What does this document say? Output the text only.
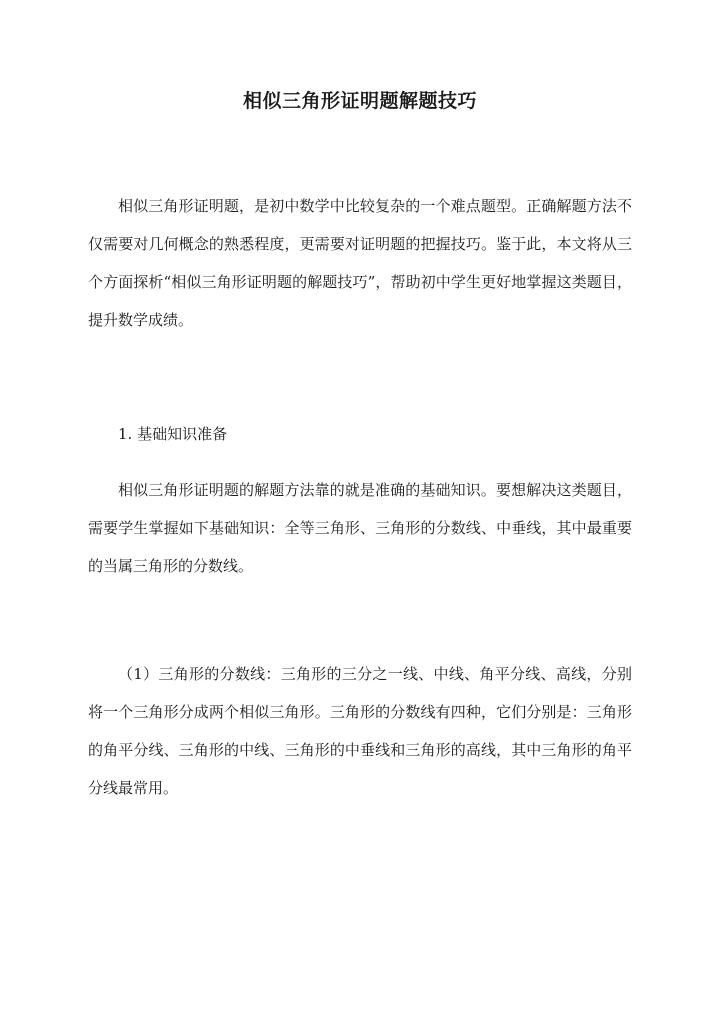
相似三角形证明题解题技巧

相似三角形证明题，是初中数学中比较复杂的一个难点题型。正确解题方法不仅需要对几何概念的熟悉程度，更需要对证明题的把握技巧。鉴于此，本文将从三个方面探析“相似三角形证明题的解题技巧”，帮助初中学生更好地掌握这类题目，提升数学成绩。

1. 基础知识准备

相似三角形证明题的解题方法靠的就是准确的基础知识。要想解决这类题目，需要学生掌握如下基础知识：全等三角形、三角形的分数线、中垂线，其中最重要的当属三角形的分数线。

（1）三角形的分数线：三角形的三分之一线、中线、角平分线、高线，分别将一个三角形分成两个相似三角形。三角形的分数线有四种，它们分别是：三角形的角平分线、三角形的中线、三角形的中垂线和三角形的高线，其中三角形的角平分线最常用。
